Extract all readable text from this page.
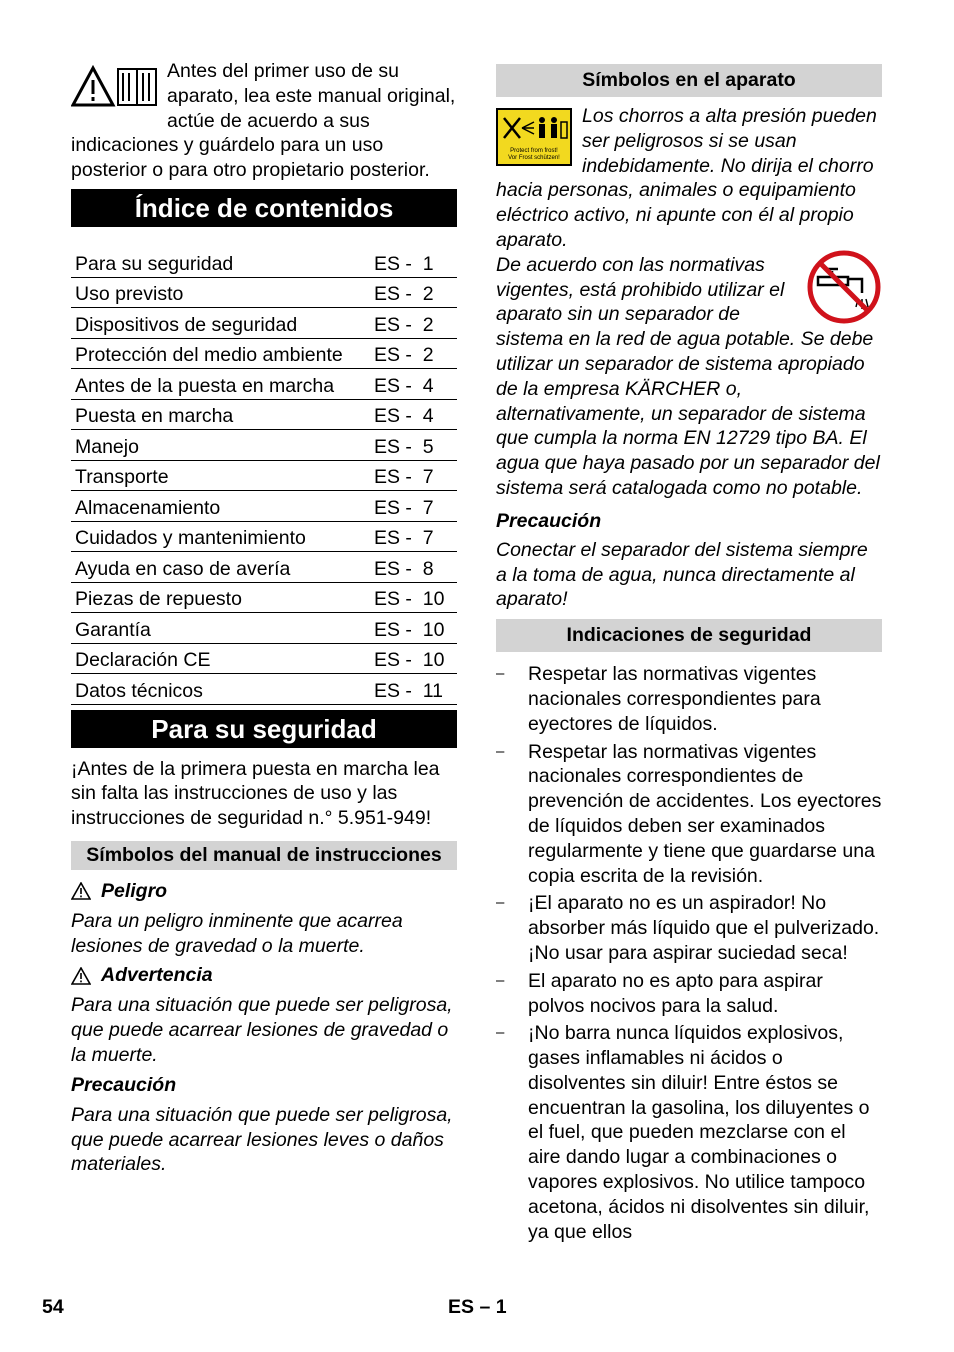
Antes del primer uso de su aparato, lea este manual original, actúe de acuerdo a sus indicaciones y guárdelo para un uso posterior o para otro propietario posterior.

Índice de contenidos
Para su seguridad	ES -  1
Uso previsto	ES -  2
Dispositivos de seguridad	ES -  2
Protección del medio ambiente	ES -  2
Antes de la puesta en marcha	ES -  4
Puesta en marcha	ES -  4
Manejo	ES -  5
Transporte	ES -  7
Almacenamiento	ES -  7
Cuidados y mantenimiento	ES -  7
Ayuda en caso de avería	ES -  8
Piezas de repuesto	ES -  10
Garantía	ES -  10
Declaración CE	ES -  10
Datos técnicos	ES -  11
Para su seguridad

¡Antes de la primera puesta en marcha lea sin falta las instrucciones de uso y las instrucciones de seguridad n.° 5.951-949!

Símbolos del manual de instrucciones
Peligro

Para un peligro inminente que acarrea lesiones de gravedad o la muerte.

Advertencia

Para una situación que puede ser peligrosa, que puede acarrear lesiones de gravedad o la muerte.

Precaución

Para una situación que puede ser peligrosa, que puede acarrear lesiones leves o daños materiales.

Símbolos en el aparato
Protect from frost!
Vor Frost schützen!

Los chorros a alta presión pueden ser peligrosos si se usan indebidamente. No dirija el chorro hacia personas, animales o equipamiento eléctrico activo, ni apunte con él al propio aparato.

De acuerdo con las normativas vigentes, está prohibido utilizar el aparato sin un separador de sistema en la red de agua potable. Se debe utilizar un separador de sistema apropiado de la empresa KÄRCHER o, alternativamente, un separador de sistema que cumpla la norma EN 12729 tipo BA. El agua que haya pasado por un separador del sistema será catalogada como no potable.

Precaución

Conectar el separador del sistema siempre a la toma de agua, nunca directamente al aparato!

Indicaciones de seguridad
– Respetar las normativas vigentes nacionales correspondientes para eyectores de líquidos.
– Respetar las normativas vigentes nacionales correspondientes de prevención de accidentes. Los eyectores de líquidos deben ser examinados regularmente y tiene que guardarse una copia escrita de la revisión.
– ¡El aparato no es un aspirador! No absorber más líquido que el pulverizado. ¡No usar para aspirar suciedad seca!
– El aparato no es apto para aspirar polvos nocivos para la salud.
– ¡No barra nunca líquidos explosivos, gases inflamables ni ácidos o disolventes sin diluir! Entre éstos se encuentran la gasolina, los diluyentes o el fuel, que pueden mezclarse con el aire dando lugar a combinaciones o vapores explosivos. No utilice tampoco acetona, ácidos ni disolventes sin diluir, ya que ellos
54	ES – 1
